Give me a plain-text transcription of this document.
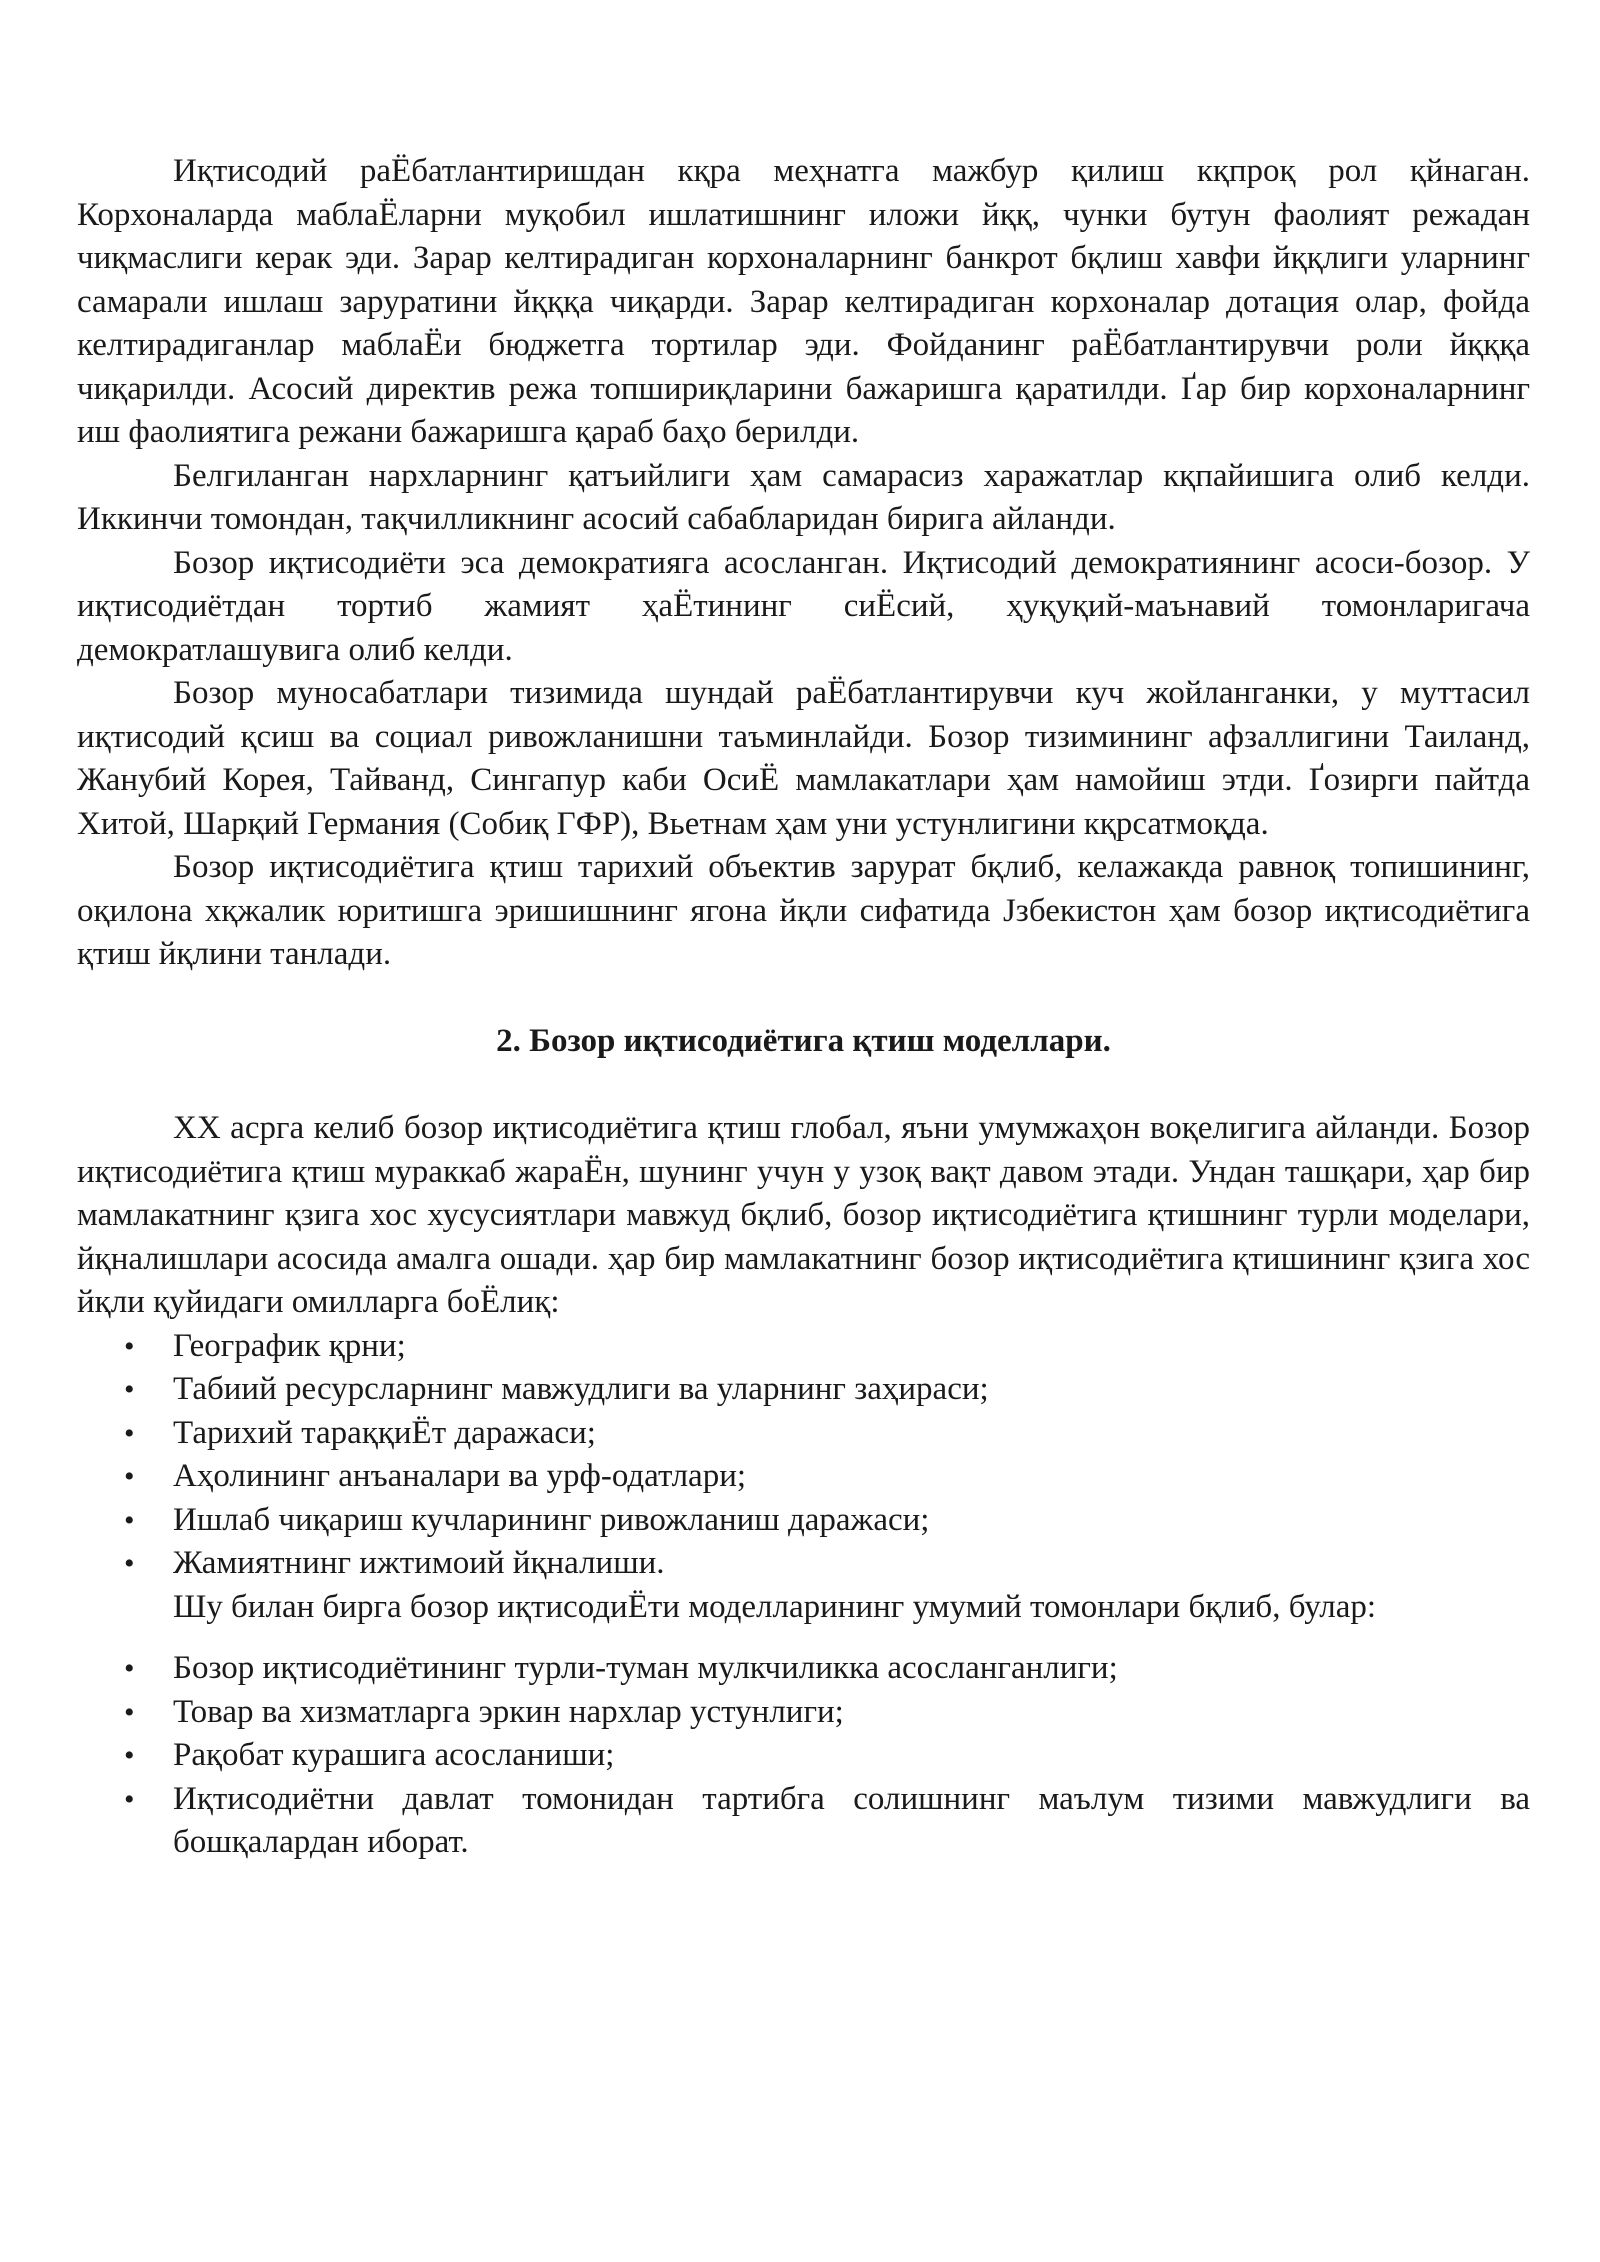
Иқтисодий раЁбатлантиришдан кқра меҳнатга мажбур қилиш кқпроқ рол қйнаган. Корхоналарда маблаЁларни муқобил ишлатишнинг иложи йққ, чунки бутун фаолият режадан чиқмаслиги керак эди. Зарар келтирадиган корхоналарнинг банкрот бқлиш хавфи йққлиги уларнинг самарали ишлаш заруратини йқққа чиқарди. Зарар келтирадиган корхоналар дотация олар, фойда келтирадиганлар маблаЁи бюджетга тортилар эди. Фойданинг раЁбатлантирувчи роли йқққа чиқарилди. Асосий директив режа топшириқларини бажаришга қаратилди. Ґар бир корхоналарнинг иш фаолиятига режани бажаришга қараб баҳо берилди.

Белгиланган нархларнинг қатъийлиги ҳам самарасиз харажатлар кқпайишига олиб келди. Иккинчи томондан, тақчилликнинг асосий сабабларидан бирига айланди.

Бозор иқтисодиёти эса демократияга асосланган. Иқтисодий демократиянинг асоси-бозор. У иқтисодиётдан тортиб жамият ҳаЁтининг сиЁсий, ҳуқуқий-маънавий томонларигача демократлашувига олиб келди.

Бозор муносабатлари тизимида шундай раЁбатлантирувчи куч жойланганки, у муттасил иқтисодий қсиш ва социал ривожланишни таъминлайди. Бозор тизимининг афзаллигини Таиланд, Жанубий Корея, Тайванд, Сингапур каби ОсиЁ мамлакатлари ҳам намойиш этди. Ґозирги пайтда Хитой, Шарқий Германия (Собиқ ГФР), Вьетнам ҳам уни устунлигини кқрсатмоқда.

Бозор иқтисодиётига қтиш тарихий объектив зарурат бқлиб, келажакда равноқ топишининг, оқилона хқжалик юритишга эришишнинг ягона йқли сифатида Јзбекистон ҳам бозор иқтисодиётига қтиш йқлини танлади.

2. Бозор иқтисодиётига қтиш моделлари.

ХХ асрга келиб бозор иқтисодиётига қтиш глобал, яъни умумжаҳон воқелигига айланди. Бозор иқтисодиётига қтиш мураккаб жараЁн, шунинг учун у узоқ вақт давом этади. Ундан ташқари, ҳар бир мамлакатнинг қзига хос хусусиятлари мавжуд бқлиб, бозор иқтисодиётига қтишнинг турли моделари, йқналишлари асосида амалга ошади. ҳар бир мамлакатнинг бозор иқтисодиётига қтишининг қзига хос йқли қуйидаги омилларга боЁлиқ:

• Географик қрни;
• Табиий ресурсларнинг мавжудлиги ва уларнинг заҳираси;
• Тарихий тараққиЁт даражаси;
• Аҳолининг анъаналари ва урф-одатлари;
• Ишлаб чиқариш кучларининг ривожланиш даражаси;
• Жамиятнинг ижтимоий йқналиши.

Шу билан бирга бозор иқтисодиЁти моделларининг умумий томонлари бқлиб, булар:

• Бозор иқтисодиётининг турли-туман мулкчиликка асосланганлиги;
• Товар ва хизматларга эркин нархлар устунлиги;
• Рақобат курашига асосланиши;
• Иқтисодиётни давлат томонидан тартибга солишнинг маълум тизими мавжудлиги ва бошқалардан иборат.
